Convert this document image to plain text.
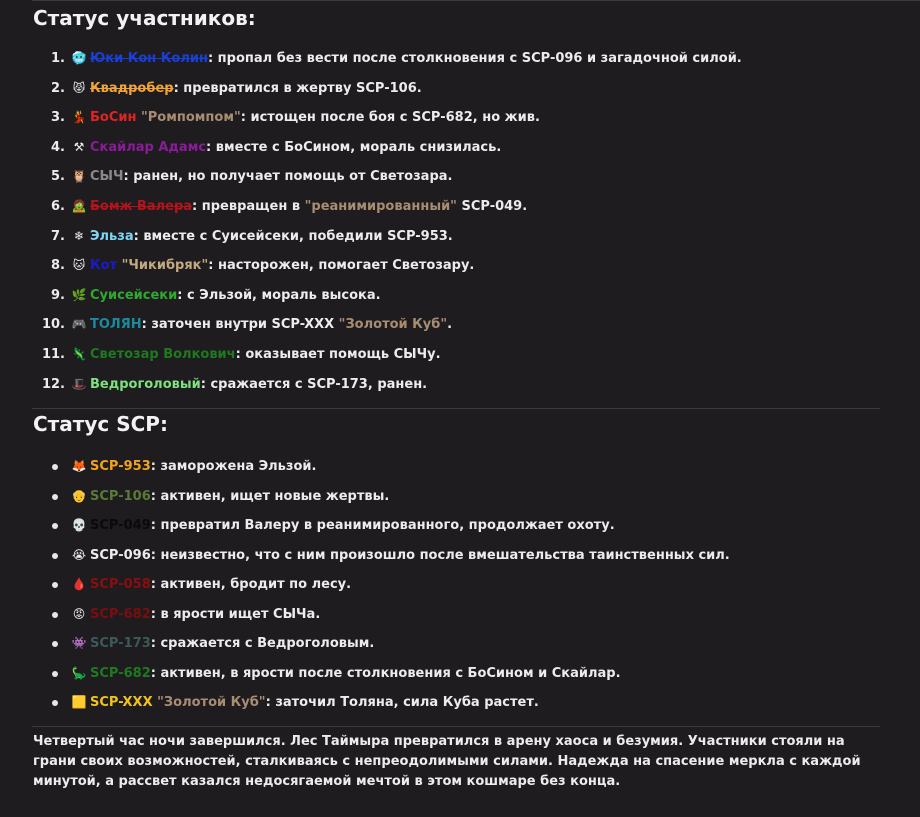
Статус участников:
1. 🥶 Юки Кон Колин: пропал без вести после столкновения с SCP-096 и загадочной силой.
2. 😾 Квадробер: превратился в жертву SCP-106.
3. 💃 БоСин "Ромпомпом": истощен после боя с SCP-682, но жив.
4. ⚒ Скайлар Адамс: вместе с БоСином, мораль снизилась.
5. 🦉 СЫЧ: ранен, но получает помощь от Светозара.
6. 🧟 Бомж Валера: превращен в "реанимированный" SCP-049.
7. ❄ Эльза: вместе с Суисейсеки, победили SCP-953.
8. 🐱 Кот "Чикибряк": насторожен, помогает Светозару.
9. 🌿 Суисейсеки: с Эльзой, мораль высока.
10. 🎮 ТОЛЯН: заточен внутри SCP-XXX "Золотой Куб".
11. 🦎 Светозар Волкович: оказывает помощь СЫЧу.
12. 🎩 Ведроголовый: сражается с SCP-173, ранен.
Статус SCP:
🦊 SCP-953: заморожена Эльзой.
👴 SCP-106: активен, ищет новые жертвы.
💀 SCP-049: превратил Валеру в реанимированного, продолжает охоту.
😭 SCP-096: неизвестно, что с ним произошло после вмешательства таинственных сил.
🩸 SCP-058: активен, бродит по лесу.
😡 SCP-682: в ярости ищет СЫЧа.
👾 SCP-173: сражается с Ведроголовым.
🦕 SCP-682: активен, в ярости после столкновения с БоСином и Скайлар.
🟨 SCP-XXX "Золотой Куб": заточил Толяна, сила Куба растет.

Четвертый час ночи завершился. Лес Таймыра превратился в арену хаоса и безумия. Участники стояли на грани своих возможностей, сталкиваясь с непреодолимыми силами. Надежда на спасение меркла с каждой минутой, а рассвет казался недосягаемой мечтой в этом кошмаре без конца.
